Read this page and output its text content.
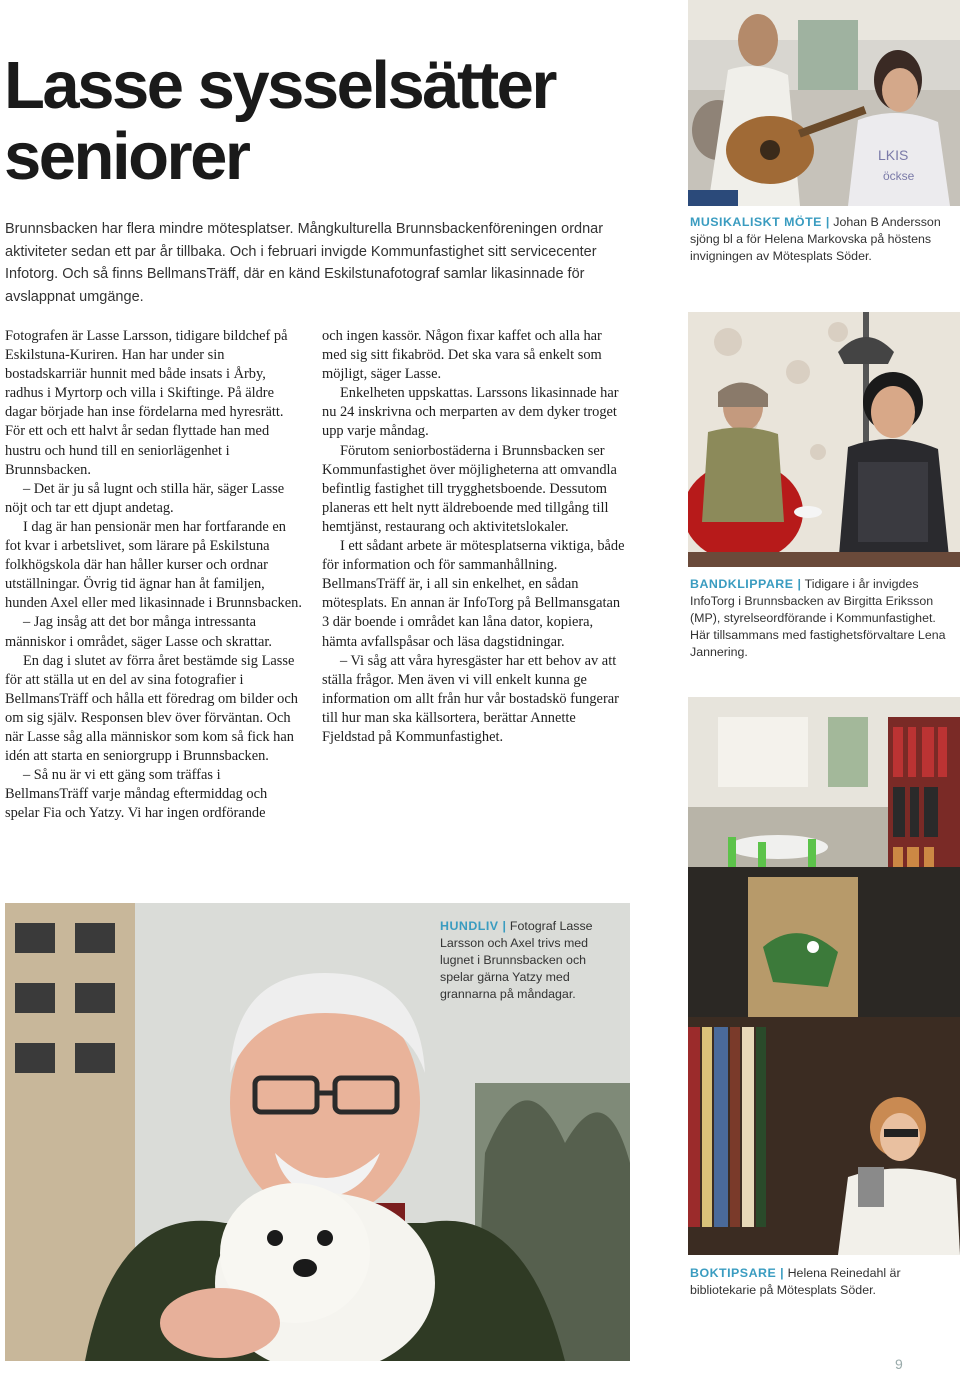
Lasse sysselsätter seniorer

Brunnsbacken har flera mindre mötesplatser. Mångkulturella Brunnsbackenföreningen ordnar aktiviteter sedan ett par år tillbaka. Och i februari invigde Kommunfastighet sitt servicecenter Infotorg. Och så finns BellmansTräff, där en känd Eskilstunafotograf samlar likasinnade för avslappnat umgänge.

LKIS
öckse

MUSIKALISKT MÖTE | Johan B Andersson sjöng bl a för Helena Markovska på höstens invigningen av Mötesplats Söder.

BANDKLIPPARE | Tidigare i år invigdes InfoTorg i Brunnsbacken av Birgitta Eriksson (MP), styrelseordförande i Kommunfastighet. Här tillsammans med fastighetsförvaltare Lena Jannering.

BOKTIPSARE | Helena Reinedahl är bibliotekarie på Mötesplats Söder.

HUNDLIV | Fotograf Lasse Larsson och Axel trivs med lugnet i Brunnsbacken och spelar gärna Yatzy med grannarna på måndagar.

Fotografen är Lasse Larsson, tidigare bildchef på Eskilstuna-Kuriren. Han har under sin bostadskarriär hunnit med både insats i Årby, radhus i Myrtorp och villa i Skiftinge. På äldre dagar började han inse fördelarna med hyresrätt. För ett och ett halvt år sedan flyttade han med hustru och hund till en seniorlägenhet i Brunnsbacken.

– Det är ju så lugnt och stilla här, säger Lasse nöjt och tar ett djupt andetag.

I dag är han pensionär men har fortfarande en fot kvar i arbetslivet, som lärare på Eskilstuna folkhögskola där han håller kurser och ordnar utställningar. Övrig tid ägnar han åt familjen, hunden Axel eller med likasinnade i Brunnsbacken.

– Jag insåg att det bor många intressanta människor i området, säger Lasse och skrattar.

En dag i slutet av förra året bestämde sig Lasse för att ställa ut en del av sina fotografier i BellmansTräff och hålla ett föredrag om bilder och om sig själv. Responsen blev över förväntan. Och när Lasse såg alla människor som kom så fick han idén att starta en seniorgrupp i Brunnsbacken.

– Så nu är vi ett gäng som träffas i BellmansTräff varje måndag eftermiddag och spelar Fia och Yatzy. Vi har ingen ordförande

och ingen kassör. Någon fixar kaffet och alla har med sig sitt fikabröd. Det ska vara så enkelt som möjligt, säger Lasse.

Enkelheten uppskattas. Larssons likasinnade har nu 24 inskrivna och merparten av dem dyker troget upp varje måndag.

Förutom seniorbostäderna i Brunnsbacken ser Kommunfastighet över möjligheterna att omvandla befintlig fastighet till trygghetsboende. Dessutom planeras ett helt nytt äldreboende med tillgång till hemtjänst, restaurang och aktivitetslokaler.

I ett sådant arbete är mötesplatserna viktiga, både för information och för sammanhållning. BellmansTräff är, i all sin enkelhet, en sådan mötesplats. En annan är InfoTorg på Bellmansgatan 3 där boende i området kan låna dator, kopiera, hämta avfallspåsar och läsa dagstidningar.

– Vi såg att våra hyresgäster har ett behov av att ställa frågor. Men även vi vill enkelt kunna ge information om allt från hur vår bostadskö fungerar till hur man ska källsortera, berättar Annette Fjeldstad på Kommunfastighet.

9
